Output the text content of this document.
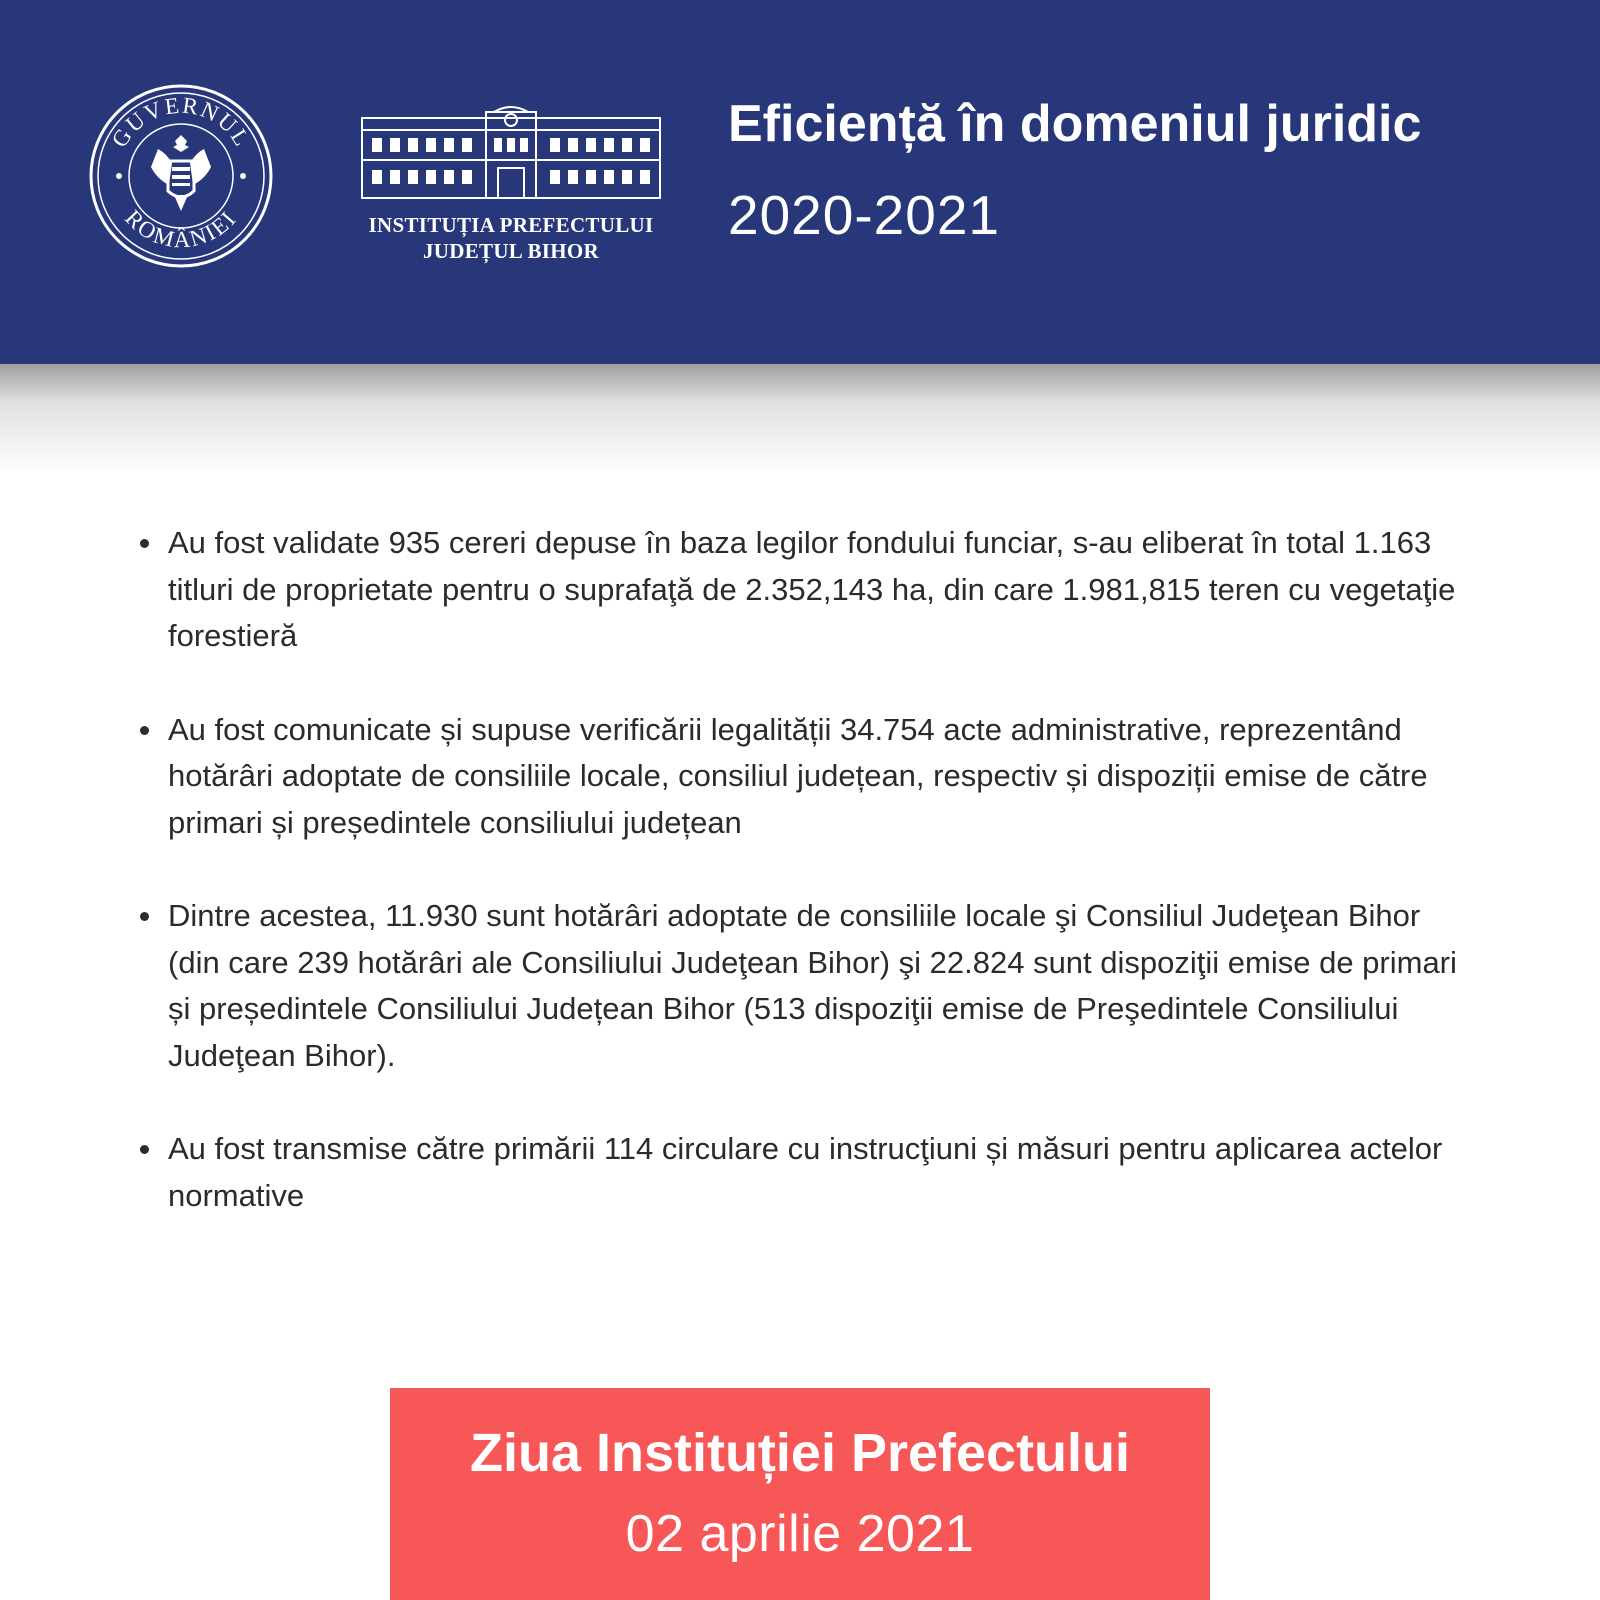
GUVERNUL
ROMÂNIEI	INSTITUȚIA PREFECTULUI
JUDEȚUL BIHOR
Eficiență în domeniul juridic
2020-2021
Au fost validate 935 cereri depuse în baza legilor fondului funciar, s-au eliberat în total 1.163 titluri de proprietate pentru o suprafaţă de 2.352,143 ha, din care 1.981,815 teren cu vegetaţie forestieră
Au fost comunicate și supuse verificării legalității 34.754 acte administrative, reprezentând hotărâri adoptate de consiliile locale, consiliul județean, respectiv și dispoziții emise de către primari și președintele consiliului județean
Dintre acestea, 11.930 sunt hotărâri adoptate de consiliile locale şi Consiliul Judeţean Bihor (din care 239 hotărâri ale Consiliului Judeţean Bihor) şi 22.824 sunt dispoziţii emise de primari și președintele Consiliului Județean Bihor (513 dispoziţii emise de Preşedintele Consiliului Judeţean Bihor).
Au fost transmise către primării 114 circulare cu instrucţiuni și măsuri pentru aplicarea actelor normative
Ziua Instituției Prefectului
02 aprilie 2021
